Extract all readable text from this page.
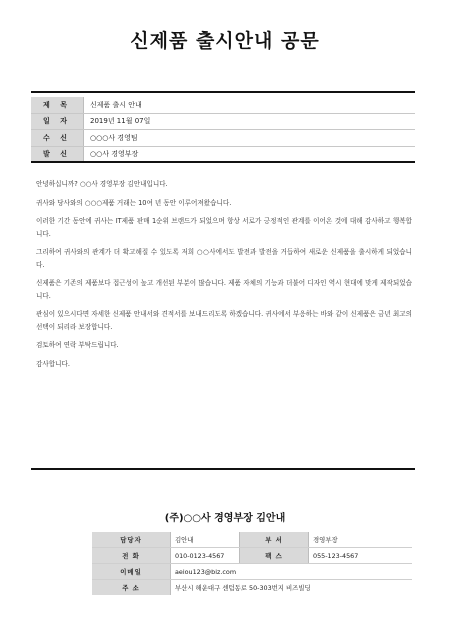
신제품 출시안내 공문
제 목	신제품 출시 안내
일 자	2019년 11월 07일
수 신	○○○사 경영팀
발 신	○○사 경영부장

안녕하십니까? ○○사 경영부장 김안내입니다.

귀사와 당사와의 ○○○제품 거래는 10여 년 동안 이루어져왔습니다.

이러한 기간 동안에 귀사는 IT제품 판매 1순위 브랜드가 되었으며 항상 서로가 긍정적인 관계를 이어온 것에 대해 감사하고 행복합니다.

그리하여 귀사와의 관계가 더 확고해질 수 있도록 저희 ○○사에서도 발전과 발전을 거듭하여 새로운 신제품을 출시하게 되었습니다.

신제품은 기존의 제품보다 접근성이 높고 개선된 부분이 많습니다. 제품 자체의 기능과 더불어 디자인 역시 현대에 맞게 제작되었습니다.

관심이 있으시다면 자세한 신제품 안내서와 견적서를 보내드리도록 하겠습니다. 귀사에서 부응하는 바와 같이 신제품은 금년 최고의 선택이 되리라 보장합니다.

검토하여 연락 부탁드립니다.

감사합니다.

(주)○○사 경영부장 김안내
담당자	김안내	부 서	경영부장
전 화	010-0123-4567	팩 스	055-123-4567
이메일	aeiou123@biz.com		
주 소	부산시 해운대구 센텀동로 50-303번지 비즈빌딩		
